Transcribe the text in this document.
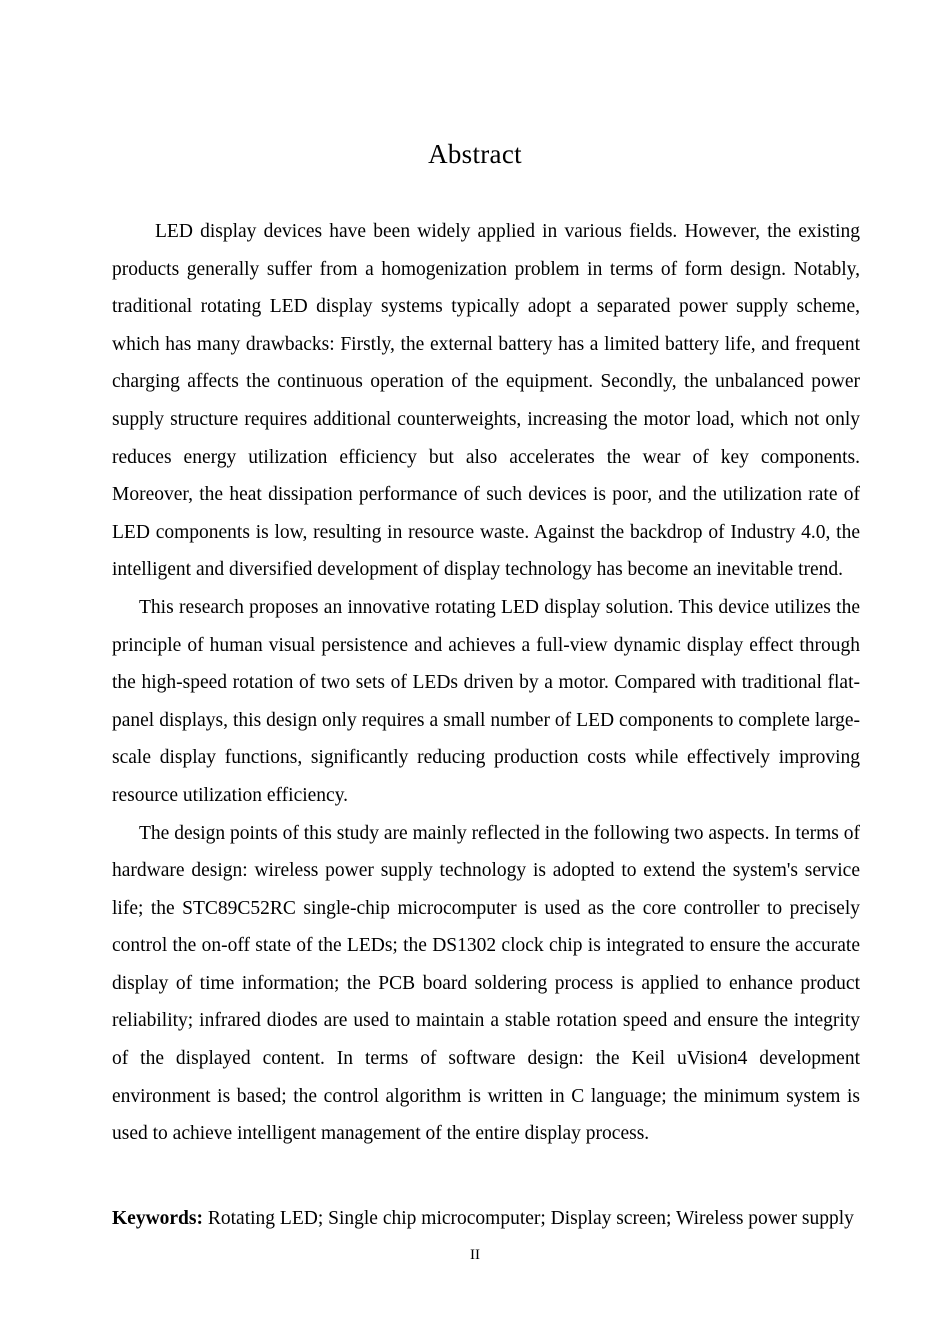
Abstract

LED display devices have been widely applied in various fields. However, the existing products generally suffer from a homogenization problem in terms of form design. Notably, traditional rotating LED display systems typically adopt a separated power supply scheme, which has many drawbacks: Firstly, the external battery has a limited battery life, and frequent charging affects the continuous operation of the equipment. Secondly, the unbalanced power supply structure requires additional counterweights, increasing the motor load, which not only reduces energy utilization efficiency but also accelerates the wear of key components. Moreover, the heat dissipation performance of such devices is poor, and the utilization rate of LED components is low, resulting in resource waste. Against the backdrop of Industry 4.0, the intelligent and diversified development of display technology has become an inevitable trend.

This research proposes an innovative rotating LED display solution. This device utilizes the principle of human visual persistence and achieves a full-view dynamic display effect through the high-speed rotation of two sets of LEDs driven by a motor. Compared with traditional flat-panel displays, this design only requires a small number of LED components to complete large-scale display functions, significantly reducing production costs while effectively improving resource utilization efficiency.

The design points of this study are mainly reflected in the following two aspects. In terms of hardware design: wireless power supply technology is adopted to extend the system's service life; the STC89C52RC single-chip microcomputer is used as the core controller to precisely control the on-off state of the LEDs; the DS1302 clock chip is integrated to ensure the accurate display of time information; the PCB board soldering process is applied to enhance product reliability; infrared diodes are used to maintain a stable rotation speed and ensure the integrity of the displayed content. In terms of software design: the Keil uVision4 development environment is based; the control algorithm is written in C language; the minimum system is used to achieve intelligent management of the entire display process.

Keywords: Rotating LED; Single chip microcomputer; Display screen; Wireless power supply

II
